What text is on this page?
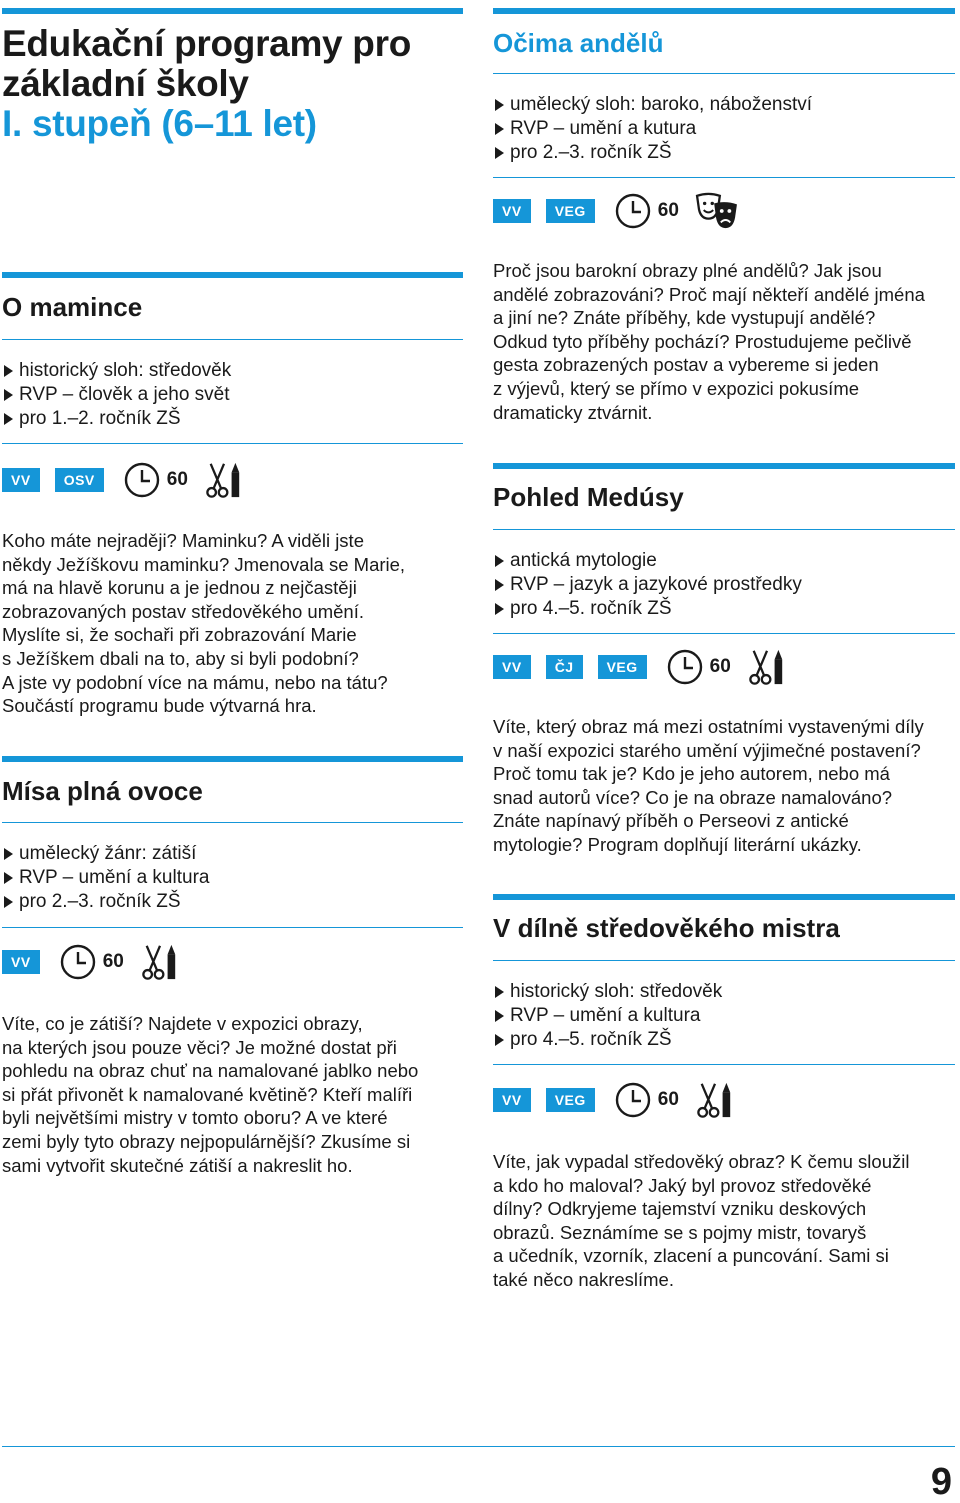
Edukační programy pro
základní školy
I. stupeň (6–11 let)
O mamince
historický sloh: středověk
RVP – člověk a jeho svět
pro 1.–2. ročník ZŠ
VV	OSV	60

Koho máte nejraději? Maminku? A viděli jste
někdy Ježíškovu maminku? Jmenovala se Marie,
má na hlavě korunu a je jednou z nejčastěji
zobrazovaných postav středověkého umění.
Myslíte si, že sochaři při zobrazování Marie
s Ježíškem dbali na to, aby si byli podobní?
A jste vy podobní více na mámu, nebo na tátu?
Součástí programu bude výtvarná hra.

Mísa plná ovoce
umělecký žánr: zátiší
RVP – umění a kultura
pro 2.–3. ročník ZŠ
VV	60

Víte, co je zátiší? Najdete v expozici obrazy,
na kterých jsou pouze věci? Je možné dostat při
pohledu na obraz chuť na namalované jablko nebo
si přát přivonět k namalované květině? Kteří malíři
byli největšími mistry v tomto oboru? A ve které
zemi byly tyto obrazy nejpopulárnější? Zkusíme si
sami vytvořit skutečné zátiší a nakreslit ho.

Očima andělů
umělecký sloh: baroko, náboženství
RVP – umění a kutura
pro 2.–3. ročník ZŠ
VV	VEG	60

Proč jsou barokní obrazy plné andělů? Jak jsou
andělé zobrazováni? Proč mají někteří andělé jména
a jiní ne? Znáte příběhy, kde vystupují andělé?
Odkud tyto příběhy pochází? Prostudujeme pečlivě
gesta zobrazených postav a vybereme si jeden
z výjevů, který se přímo v expozici pokusíme
dramaticky ztvárnit.

Pohled Medúsy
antická mytologie
RVP – jazyk a jazykové prostředky
pro 4.–5. ročník ZŠ
VV	ČJ	VEG	60

Víte, který obraz má mezi ostatními vystavenými díly
v naší expozici starého umění výjimečné postavení?
Proč tomu tak je? Kdo je jeho autorem, nebo má
snad autorů více? Co je na obraze namalováno?
Znáte napínavý příběh o Perseovi z antické
mytologie? Program doplňují literární ukázky.

V dílně středověkého mistra
historický sloh: středověk
RVP – umění a kultura
pro 4.–5. ročník ZŠ
VV	VEG	60

Víte, jak vypadal středověký obraz? K čemu sloužil
a kdo ho maloval? Jaký byl provoz středověké
dílny? Odkryjeme tajemství vzniku deskových
obrazů. Seznámíme se s pojmy mistr, tovaryš
a učedník, vzorník, zlacení a puncování. Sami si
také něco nakreslíme.

9
